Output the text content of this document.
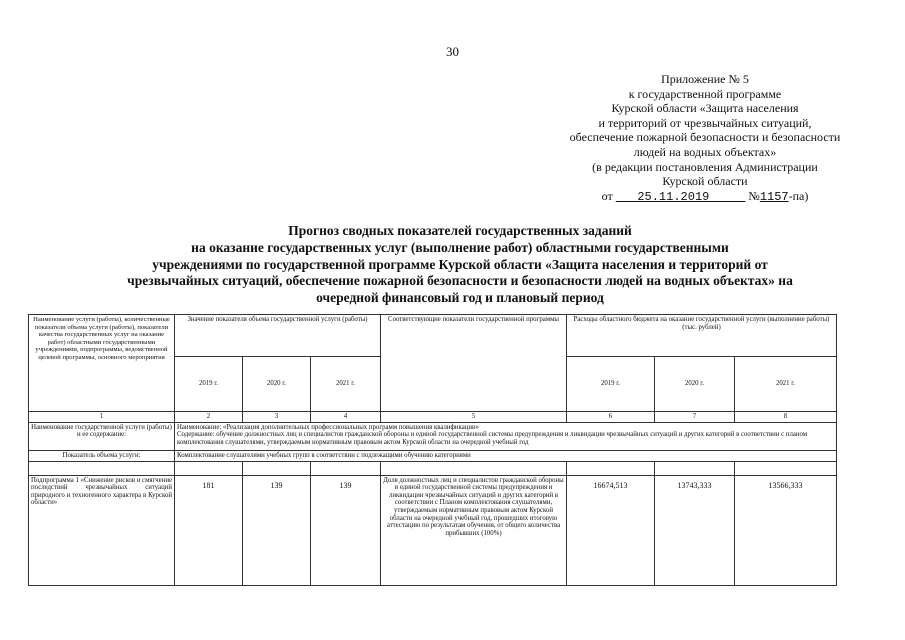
30
Приложение № 5
к государственной программе
Курской области «Защита населения
и территорий от чрезвычайных ситуаций,
обеспечение пожарной безопасности и безопасности
людей на водных объектах»
(в редакции постановления Администрации
Курской области
от 25.11.2019	№1157-па)
Прогноз сводных показателей государственных заданий
на оказание государственных услуг (выполнение работ) областными государственными
учреждениями по государственной программе Курской области «Защита населения и территорий от
чрезвычайных ситуаций, обеспечение пожарной безопасности и безопасности людей на водных объектах» на
очередной финансовый год и плановый период
Наименование услуги (работы), количественные показатели объема услуги (работы), показатели качества государственных услуг на оказание работ) областными государственными учреждениями, подпрограммы, ведомственной целевой программы, основного мероприятия	Значение показателя объема государственной услуги (работы)			Соответствующие показатели государственной программы	Расходы областного бюджета на оказание государственной услуги (выполнение работы) (тыс. рублей)		
	2019 г.	2020 г.	2021 г.		2019 г.	2020 г.	2021 г.
1	2	3	4	5	6	7	8
Наименование государственной услуги (работы) и ее содержание:	Наименование: «Реализация дополнительных профессиональных программ повышения квалификации»
Содержание: обучение должностных лиц и специалистов гражданской обороны и единой государственной системы предупреждения и ликвидации чрезвычайных ситуаций и других категорий в соответствии с планом комплектования слушателями, утверждаемым нормативным правовым актом Курской области на очередной учебный год						

Показатель объема услуги:	Комплектование слушателями учебных групп в соответствии с подлежащими обучению категориями						

Подпрограмма 1 «Снижение рисков и смягчение последствий чрезвычайных ситуаций природного и техногенного характера в Курской области»	181	139	139	Доля должностных лиц и специалистов гражданской обороны и единой государственной системы предупреждения и ликвидации чрезвычайных ситуаций и других категорий в соответствии с Планом комплектования слушателями, утверждаемым нормативным правовым актом Курской области на очередной учебный год, прошедших итоговую аттестацию по результатам обучения, от общего количества прибывших (100%)	16674,513	13743,333	13566,333
